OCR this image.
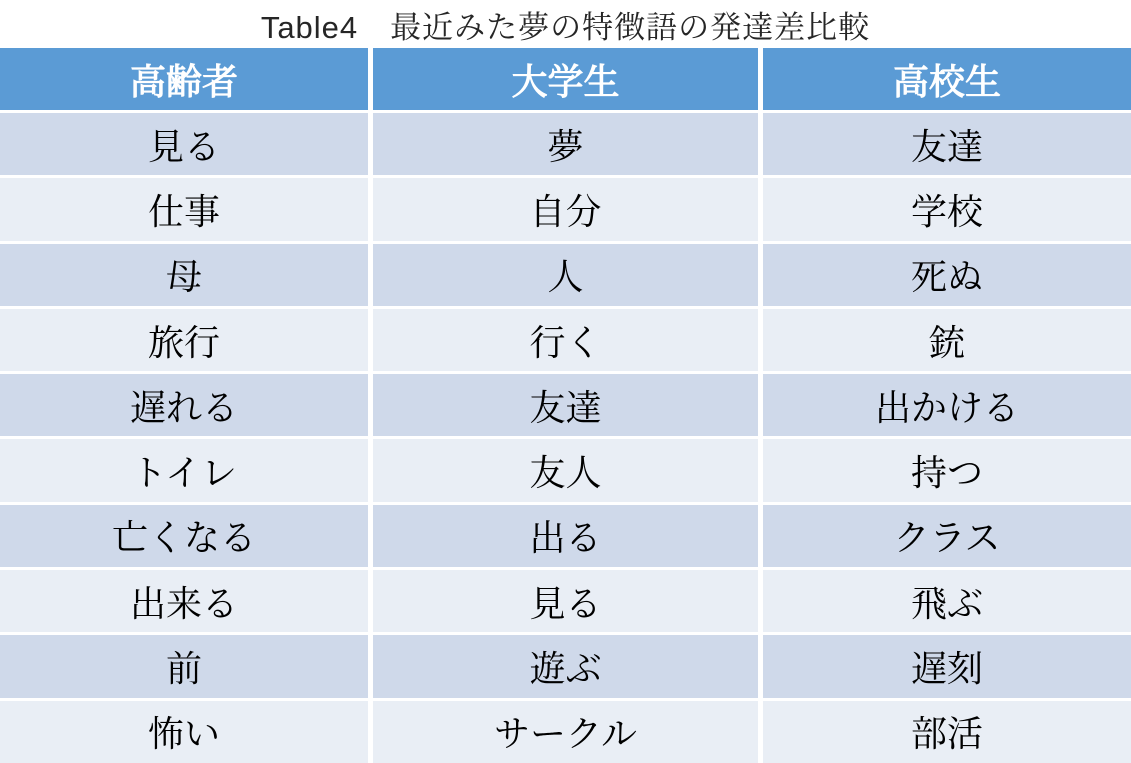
Table4　最近みた夢の特徴語の発達差比較
高齢者	大学生	高校生
見る	夢	友達
仕事	自分	学校
母	人	死ぬ
旅行	行く	銃
遅れる	友達	出かける
トイレ	友人	持つ
亡くなる	出る	クラス
出来る	見る	飛ぶ
前	遊ぶ	遅刻
怖い	サークル	部活
